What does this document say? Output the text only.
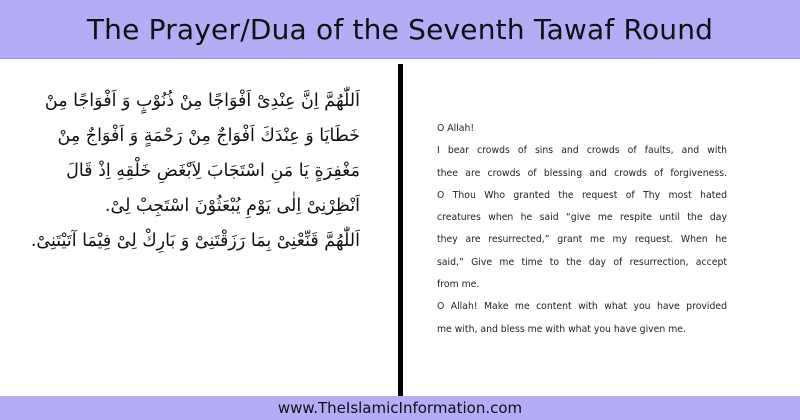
The Prayer/Dua of the Seventh Tawaf Round
اَللّٰهُمَّ اِنَّ عِنْدِیْ اَفْوَاجًا مِنْ ذُنُوْبٍ وَ اَفْوَاجًا مِنْ
خَطَايَا وَ عِنْدَكَ اَفْوَاجٌ مِنْ رَحْمَةٍ وَ اَفْوَاجٌ مِنْ
مَغْفِرَةٍ يَا مَنِ اسْتَجَابَ لِاَبْغَضِ خَلْقِهِ اِذْ قَالَ
اَنْظِرْنِىْ اِلٰى يَوْمِ يُبْعَثُوْنَ اسْتَجِبْ لِىْ.
اَللّٰهُمَّ قَنِّعْنِىْ بِمَا رَزَقْتَنِىْ وَ بَارِكْ لِىْ فِيْمَا آتَيْتَنِىْ.
O Allah!
I bear crowds of sins and crowds of faults, and with
thee are crowds of blessing and crowds of forgiveness.
O Thou Who granted the request of Thy most hated
creatures when he said “give me respite until the day
they are resurrected,” grant me my request. When he
said,” Give me time to the day of resurrection, accept
from me.
O Allah! Make me content with what you have provided
me with, and bless me with what you have given me.
www.TheIslamicInformation.com
